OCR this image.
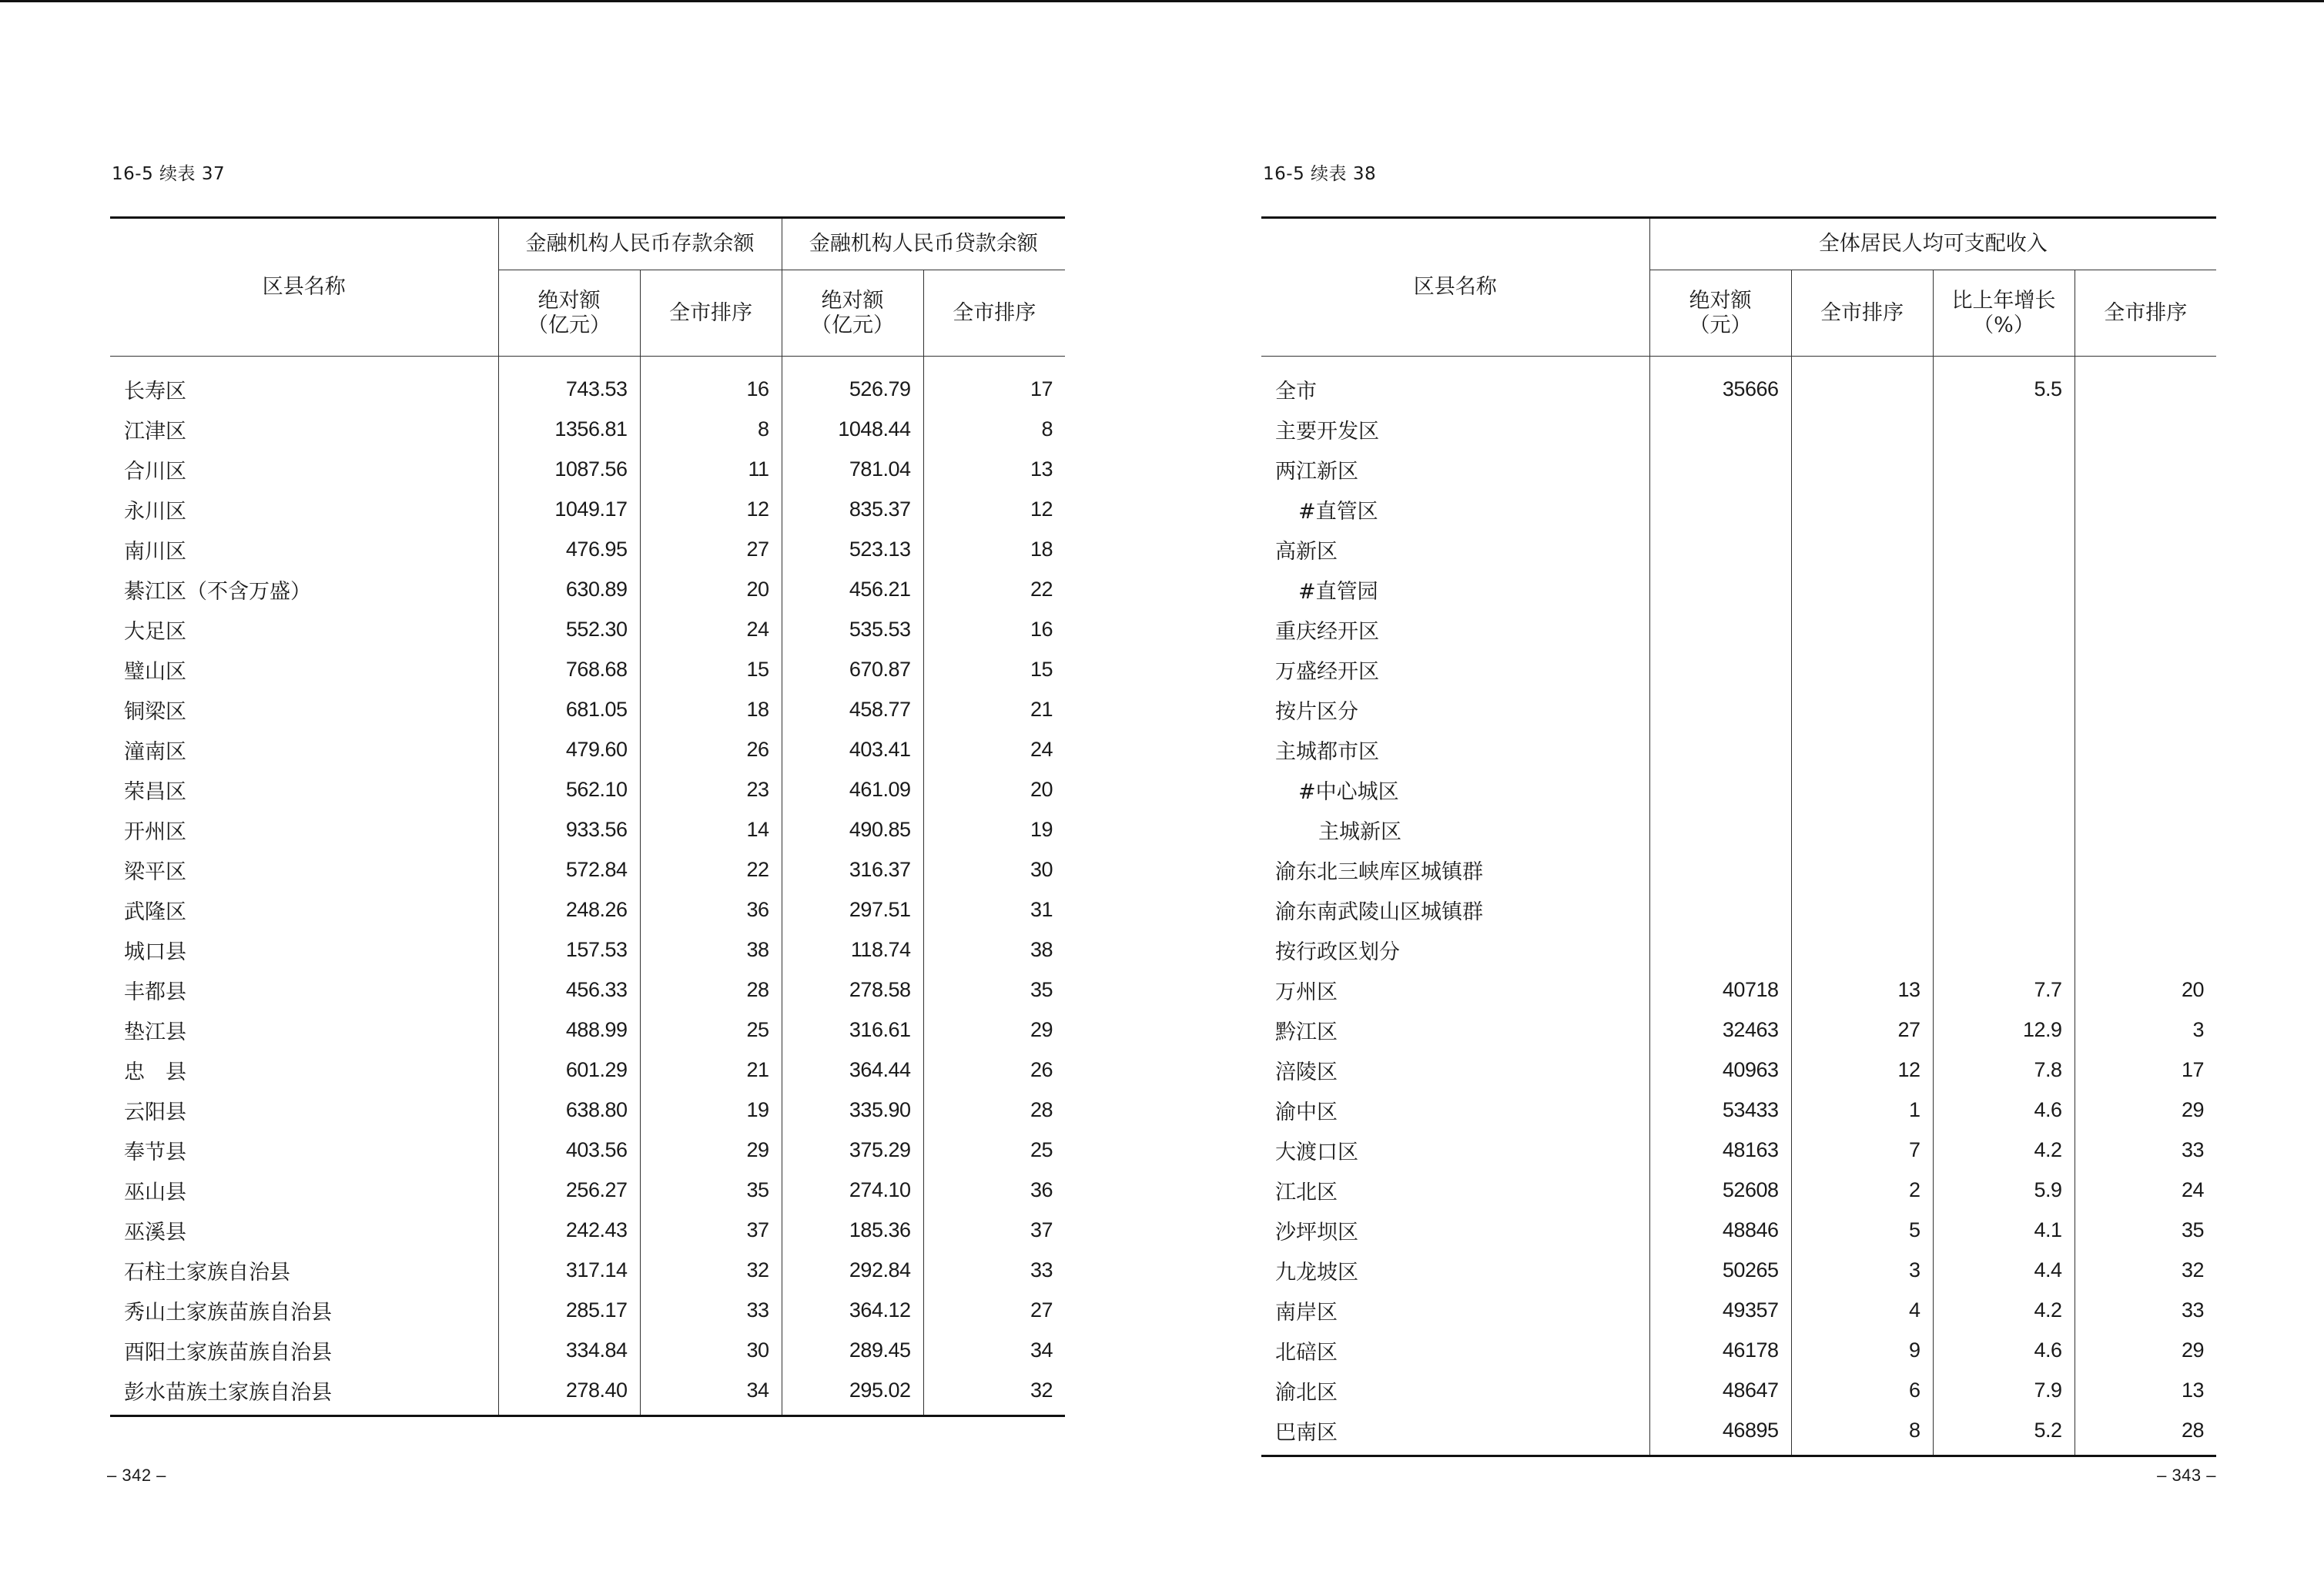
16-5 续表 37
区县名称	金融机构人民币存款余额		金融机构人民币贷款余额	
	绝对额
（亿元）	全市排序	绝对额
（亿元）	全市排序
长寿区	743.53	16	526.79	17
江津区	1356.81	8	1048.44	8
合川区	1087.56	11	781.04	13
永川区	1049.17	12	835.37	12
南川区	476.95	27	523.13	18
綦江区（不含万盛）	630.89	20	456.21	22
大足区	552.30	24	535.53	16
璧山区	768.68	15	670.87	15
铜梁区	681.05	18	458.77	21
潼南区	479.60	26	403.41	24
荣昌区	562.10	23	461.09	20
开州区	933.56	14	490.85	19
梁平区	572.84	22	316.37	30
武隆区	248.26	36	297.51	31
城口县	157.53	38	118.74	38
丰都县	456.33	28	278.58	35
垫江县	488.99	25	316.61	29
忠　县	601.29	21	364.44	26
云阳县	638.80	19	335.90	28
奉节县	403.56	29	375.29	25
巫山县	256.27	35	274.10	36
巫溪县	242.43	37	185.36	37
石柱土家族自治县	317.14	32	292.84	33
秀山土家族苗族自治县	285.17	33	364.12	27
酉阳土家族苗族自治县	334.84	30	289.45	34
彭水苗族土家族自治县	278.40	34	295.02	32
– 342 –
16-5 续表 38
区县名称	全体居民人均可支配收入			
	绝对额
（元）	全市排序	比上年增长
（%）	全市排序
全市	35666		5.5	
主要开发区				
两江新区				
#直管区				
高新区				
#直管园				
重庆经开区				
万盛经开区				
按片区分				
主城都市区				
#中心城区				
主城新区				
渝东北三峡库区城镇群				
渝东南武陵山区城镇群				
按行政区划分				
万州区	40718	13	7.7	20
黔江区	32463	27	12.9	3
涪陵区	40963	12	7.8	17
渝中区	53433	1	4.6	29
大渡口区	48163	7	4.2	33
江北区	52608	2	5.9	24
沙坪坝区	48846	5	4.1	35
九龙坡区	50265	3	4.4	32
南岸区	49357	4	4.2	33
北碚区	46178	9	4.6	29
渝北区	48647	6	7.9	13
巴南区	46895	8	5.2	28
– 343 –
